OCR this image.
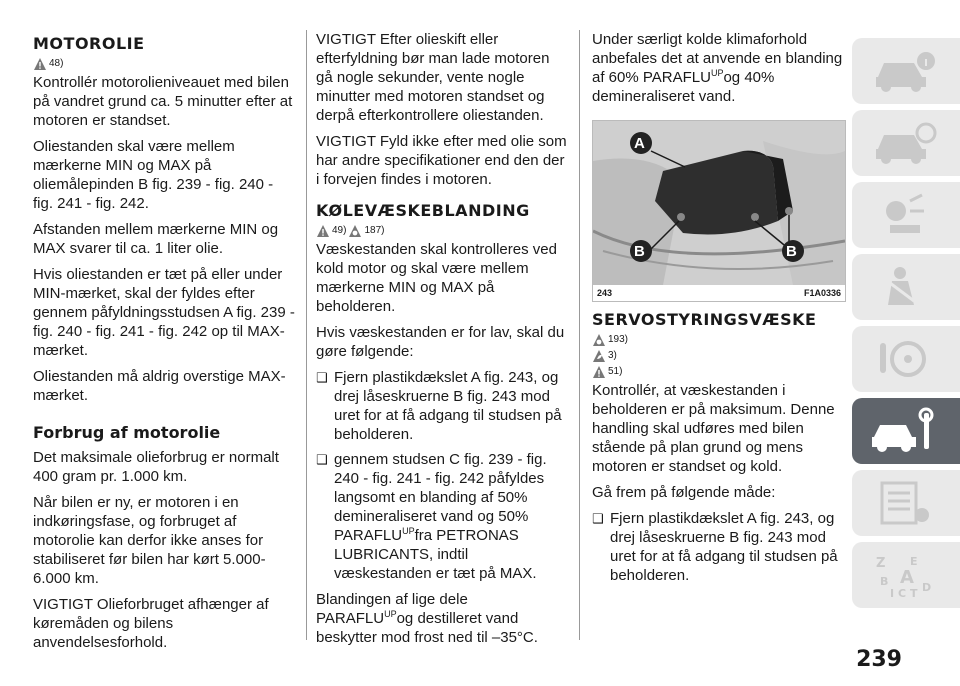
MOTOROLIE
48)

Kontrollér motorolieniveauet med bilen på vandret grund ca. 5 minutter efter at motoren er standset.

Oliestanden skal være mellem mærkerne MIN og MAX på oliemålepinden B fig. 239 - fig. 240 - fig. 241 - fig. 242.

Afstanden mellem mærkerne MIN og MAX svarer til ca. 1 liter olie.

Hvis oliestanden er tæt på eller under MIN-mærket, skal der fyldes efter gennem påfyldningsstudsen A fig. 239 - fig. 240 - fig. 241 - fig. 242 op til MAX-mærket.

Oliestanden må aldrig overstige MAX-mærket.

Forbrug af motorolie

Det maksimale olieforbrug er normalt 400 gram pr. 1.000 km.

Når bilen er ny, er motoren i en indkøringsfase, og forbruget af motorolie kan derfor ikke anses for stabiliseret før bilen har kørt 5.000-6.000 km.

VIGTIGT Olieforbruget afhænger af køremåden og bilens anvendelsesforhold.

VIGTIGT Efter olieskift eller efterfyldning bør man lade motoren gå nogle sekunder, vente nogle minutter med motoren standset og derpå efterkontrollere oliestanden.

VIGTIGT Fyld ikke efter med olie som har andre specifikationer end den der i forvejen findes i motoren.

KØLEVÆSKEBLANDING
49) 187)

Væskestanden skal kontrolleres ved kold motor og skal være mellem mærkerne MIN og MAX på beholderen.

Hvis væskestanden er for lav, skal du gøre følgende:

❑ Fjern plastikdækslet A fig. 243, og drej låseskruerne B fig. 243 mod uret for at få adgang til studsen på beholderen.
❑ gennem studsen C fig. 239 - fig. 240 - fig. 241 - fig. 242 påfyldes langsomt en blanding af 50% demineraliseret vand og 50% $PARAFLU^{UP}fra$ PETRONAS LUBRICANTS, indtil væskestanden er tæt på MAX.

Blandingen af lige dele $PARAFLU^{UP}og$ destilleret vand beskytter mod frost ned til –35°C.

Under særligt kolde klimaforhold anbefales det at anvende en blanding af 60% $PARAFLU^{UP}og$ 40% demineraliseret vand.

A
B	B
243	F1A0336
SERVOSTYRINGSVÆSKE
193)
3)
51)

Kontrollér, at væskestanden i beholderen er på maksimum. Denne handling skal udføres med bilen stående på plan grund og mens motoren er standset og kold.

Gå frem på følgende måde:

❑ Fjern plastikdækslet A fig. 243, og drej låseskruerne B fig. 243 mod uret for at få adgang til studsen på beholderen.
Z E
B A
I C T D
239
